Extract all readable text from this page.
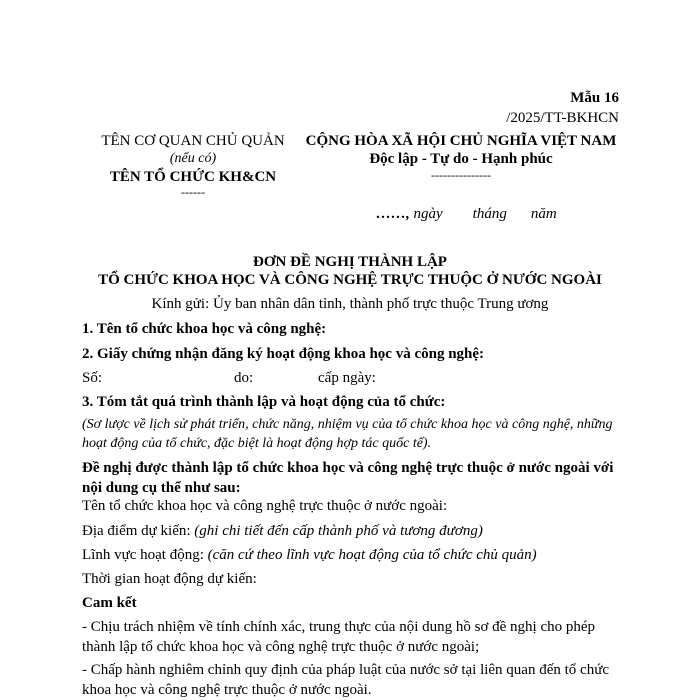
Mẫu 16
/2025/TT-BKHCN
TÊN CƠ QUAN CHỦ QUẢN
(nếu có)
TÊN TỔ CHỨC KH&CN
------
CỘNG HÒA XÃ HỘI CHỦ NGHĨA VIỆT NAM
Độc lập - Tự do - Hạnh phúc
---------------
……, ngày tháng năm
ĐƠN ĐỀ NGHỊ THÀNH LẬP
TỔ CHỨC KHOA HỌC VÀ CÔNG NGHỆ TRỰC THUỘC Ở NƯỚC NGOÀI
Kính gửi: Ủy ban nhân dân tỉnh, thành phố trực thuộc Trung ương
1. Tên tổ chức khoa học và công nghệ:
2. Giấy chứng nhận đăng ký hoạt động khoa học và công nghệ:
Số:	do:	cấp ngày:
3. Tóm tắt quá trình thành lập và hoạt động của tổ chức:
(Sơ lược về lịch sử phát triển, chức năng, nhiệm vụ của tổ chức khoa học và công nghệ, những hoạt động của tổ chức, đặc biệt là hoạt động hợp tác quốc tế).
Đề nghị được thành lập tổ chức khoa học và công nghệ trực thuộc ở nước ngoài với nội dung cụ thể như sau:
Tên tổ chức khoa học và công nghệ trực thuộc ở nước ngoài:
Địa điểm dự kiến: (ghi chi tiết đến cấp thành phố và tương đương)
Lĩnh vực hoạt động: (căn cứ theo lĩnh vực hoạt động của tổ chức chủ quản)
Thời gian hoạt động dự kiến:
Cam kết
- Chịu trách nhiệm về tính chính xác, trung thực của nội dung hồ sơ đề nghị cho phép thành lập tổ chức khoa học và công nghệ trực thuộc ở nước ngoài;
- Chấp hành nghiêm chỉnh quy định của pháp luật của nước sở tại liên quan đến tổ chức khoa học và công nghệ trực thuộc ở nước ngoài.
